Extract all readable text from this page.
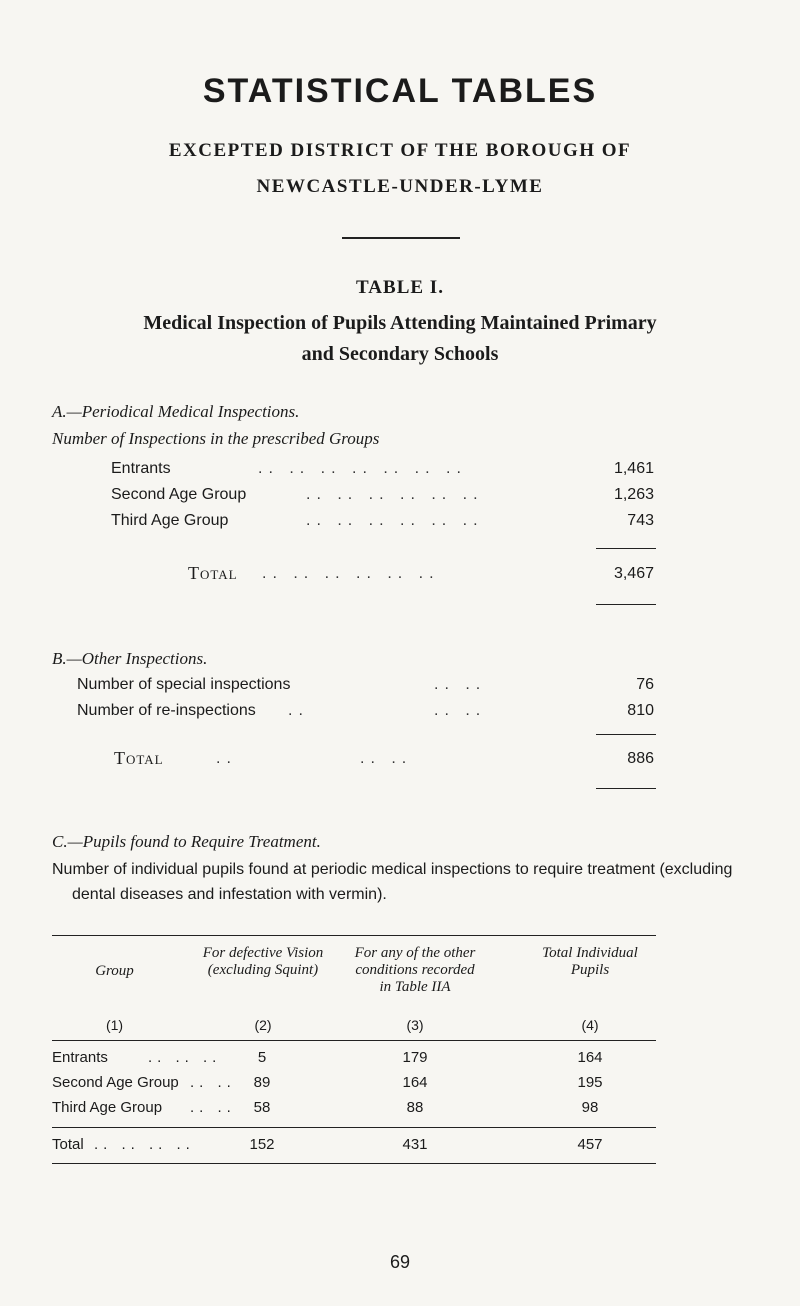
STATISTICAL TABLES
EXCEPTED DISTRICT OF THE BOROUGH OF
NEWCASTLE-UNDER-LYME
TABLE I.
Medical Inspection of Pupils Attending Maintained Primary
and Secondary Schools
A.—Periodical Medical Inspections.
Number of Inspections in the prescribed Groups
Entrants	.. .. .. .. .. .. ..	1,461
Second Age Group	.. .. .. .. .. ..	1,263
Third Age Group	.. .. .. .. .. ..	743
Total .. .. .. .. .. ..	3,467
B.—Other Inspections.
Number of special inspections	.. ..	76
Number of re-inspections ..	.. ..	810
Total	..	.. ..	886
C.—Pupils found to Require Treatment.
Number of individual pupils found at periodic medical inspections to require treatment (excluding dental diseases and infestation with vermin).
Group
For defective Vision (excluding Squint)
For any of the other conditions recorded in Table IIA
Total Individual Pupils
(1)	(2)	(3)	(4)
Entrants	.. .. ..	5	179	164
Second Age Group .. ..	89	164	195
Third Age Group .. ..	58	88	98
Total .. .. .. ..	152	431	457
69
